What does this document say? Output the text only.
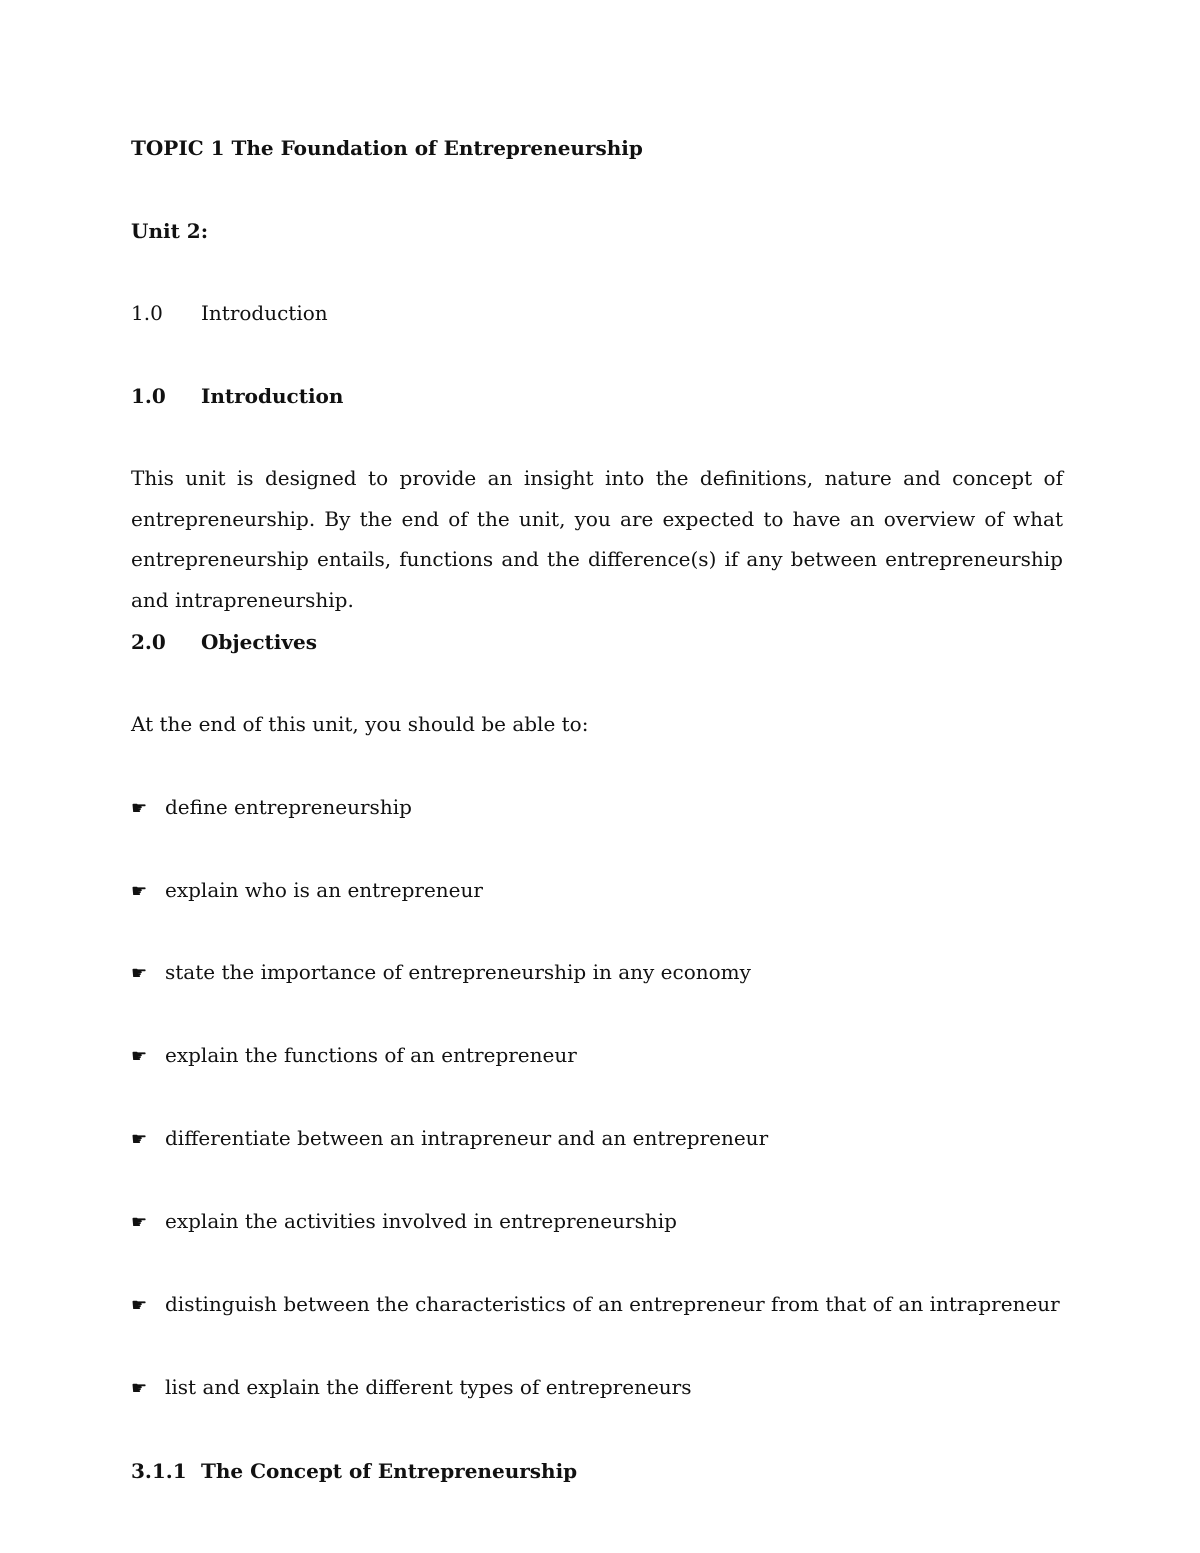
TOPIC 1 The Foundation of Entrepreneurship
Unit 2:
1.0 Introduction
1.0 Introduction
This unit is designed to provide an insight into the definitions, nature and concept of entrepreneurship. By the end of the unit, you are expected to have an overview of what entrepreneurship entails, functions and the difference(s) if any between entrepreneurship and intrapreneurship.
2.0 Objectives
At the end of this unit, you should be able to:
☛ define entrepreneurship
☛ explain who is an entrepreneur
☛ state the importance of entrepreneurship in any economy
☛ explain the functions of an entrepreneur
☛ differentiate between an intrapreneur and an entrepreneur
☛ explain the activities involved in entrepreneurship
☛ distinguish between the characteristics of an entrepreneur from that of an intrapreneur
☛ list and explain the different types of entrepreneurs
3.1.1 The Concept of Entrepreneurship
